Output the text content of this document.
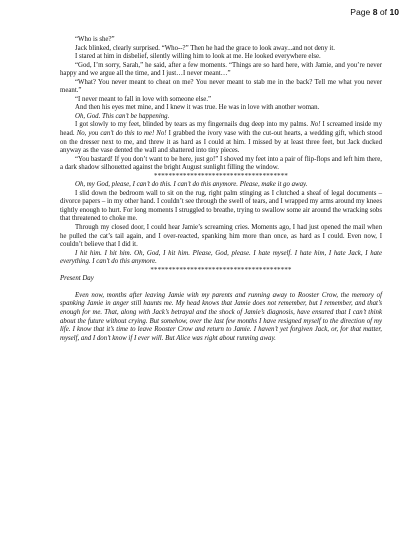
Page 8 of 10

“Who is she?”

Jack blinked, clearly surprised. “Who--?” Then he had the grace to look away...and not deny it.

I stared at him in disbelief, silently willing him to look at me. He looked everywhere else.

“God, I’m sorry, Sarah,” he said, after a few moments. “Things are so hard here, with Jamie, and you’re never happy and we argue all the time, and I just…I never meant…”

“What? You never meant to cheat on me? You never meant to stab me in the back? Tell me what you never meant.”

“I never meant to fall in love with someone else.”

And then his eyes met mine, and I knew it was true. He was in love with another woman.

Oh, God. This can’t be happening.

I got slowly to my feet, blinded by tears as my fingernails dug deep into my palms. No! I screamed inside my head. No, you can’t do this to me! No! I grabbed the ivory vase with the cut-out hearts, a wedding gift, which stood on the dresser next to me, and threw it as hard as I could at him. I missed by at least three feet, but Jack ducked anyway as the vase dented the wall and shattered into tiny pieces.

“You bastard! If you don’t want to be here, just go!” I shoved my feet into a pair of flip-flops and left him there, a dark shadow silhouetted against the bright August sunlight filling the window.

*************************************

Oh, my God, please, I can’t do this. I can’t do this anymore. Please, make it go away.

I slid down the bedroom wall to sit on the rug, right palm stinging as I clutched a sheaf of legal documents – divorce papers – in my other hand. I couldn’t see through the swell of tears, and I wrapped my arms around my knees tightly enough to hurt. For long moments I struggled to breathe, trying to swallow some air around the wracking sobs that threatened to choke me.

Through my closed door, I could hear Jamie’s screaming cries. Moments ago, I had just opened the mail when he pulled the cat’s tail again, and I over-reacted, spanking him more than once, as hard as I could. Even now, I couldn’t believe that I did it.

I hit him. I hit him. Oh, God, I hit him. Please, God, please. I hate myself. I hate him, I hate Jack, I hate everything. I can’t do this anymore.

***************************************

Present Day

Even now, months after leaving Jamie with my parents and running away to Rooster Crow, the memory of spanking Jamie in anger still haunts me. My head knows that Jamie does not remember, but I remember, and that’s enough for me. That, along with Jack’s betrayal and the shock of Jamie’s diagnosis, have ensured that I can’t think about the future without crying. But somehow, over the last few months I have resigned myself to the direction of my life. I know that it’s time to leave Rooster Crow and return to Jamie. I haven’t yet forgiven Jack, or, for that matter, myself, and I don’t know if I ever will. But Alice was right about running away.
